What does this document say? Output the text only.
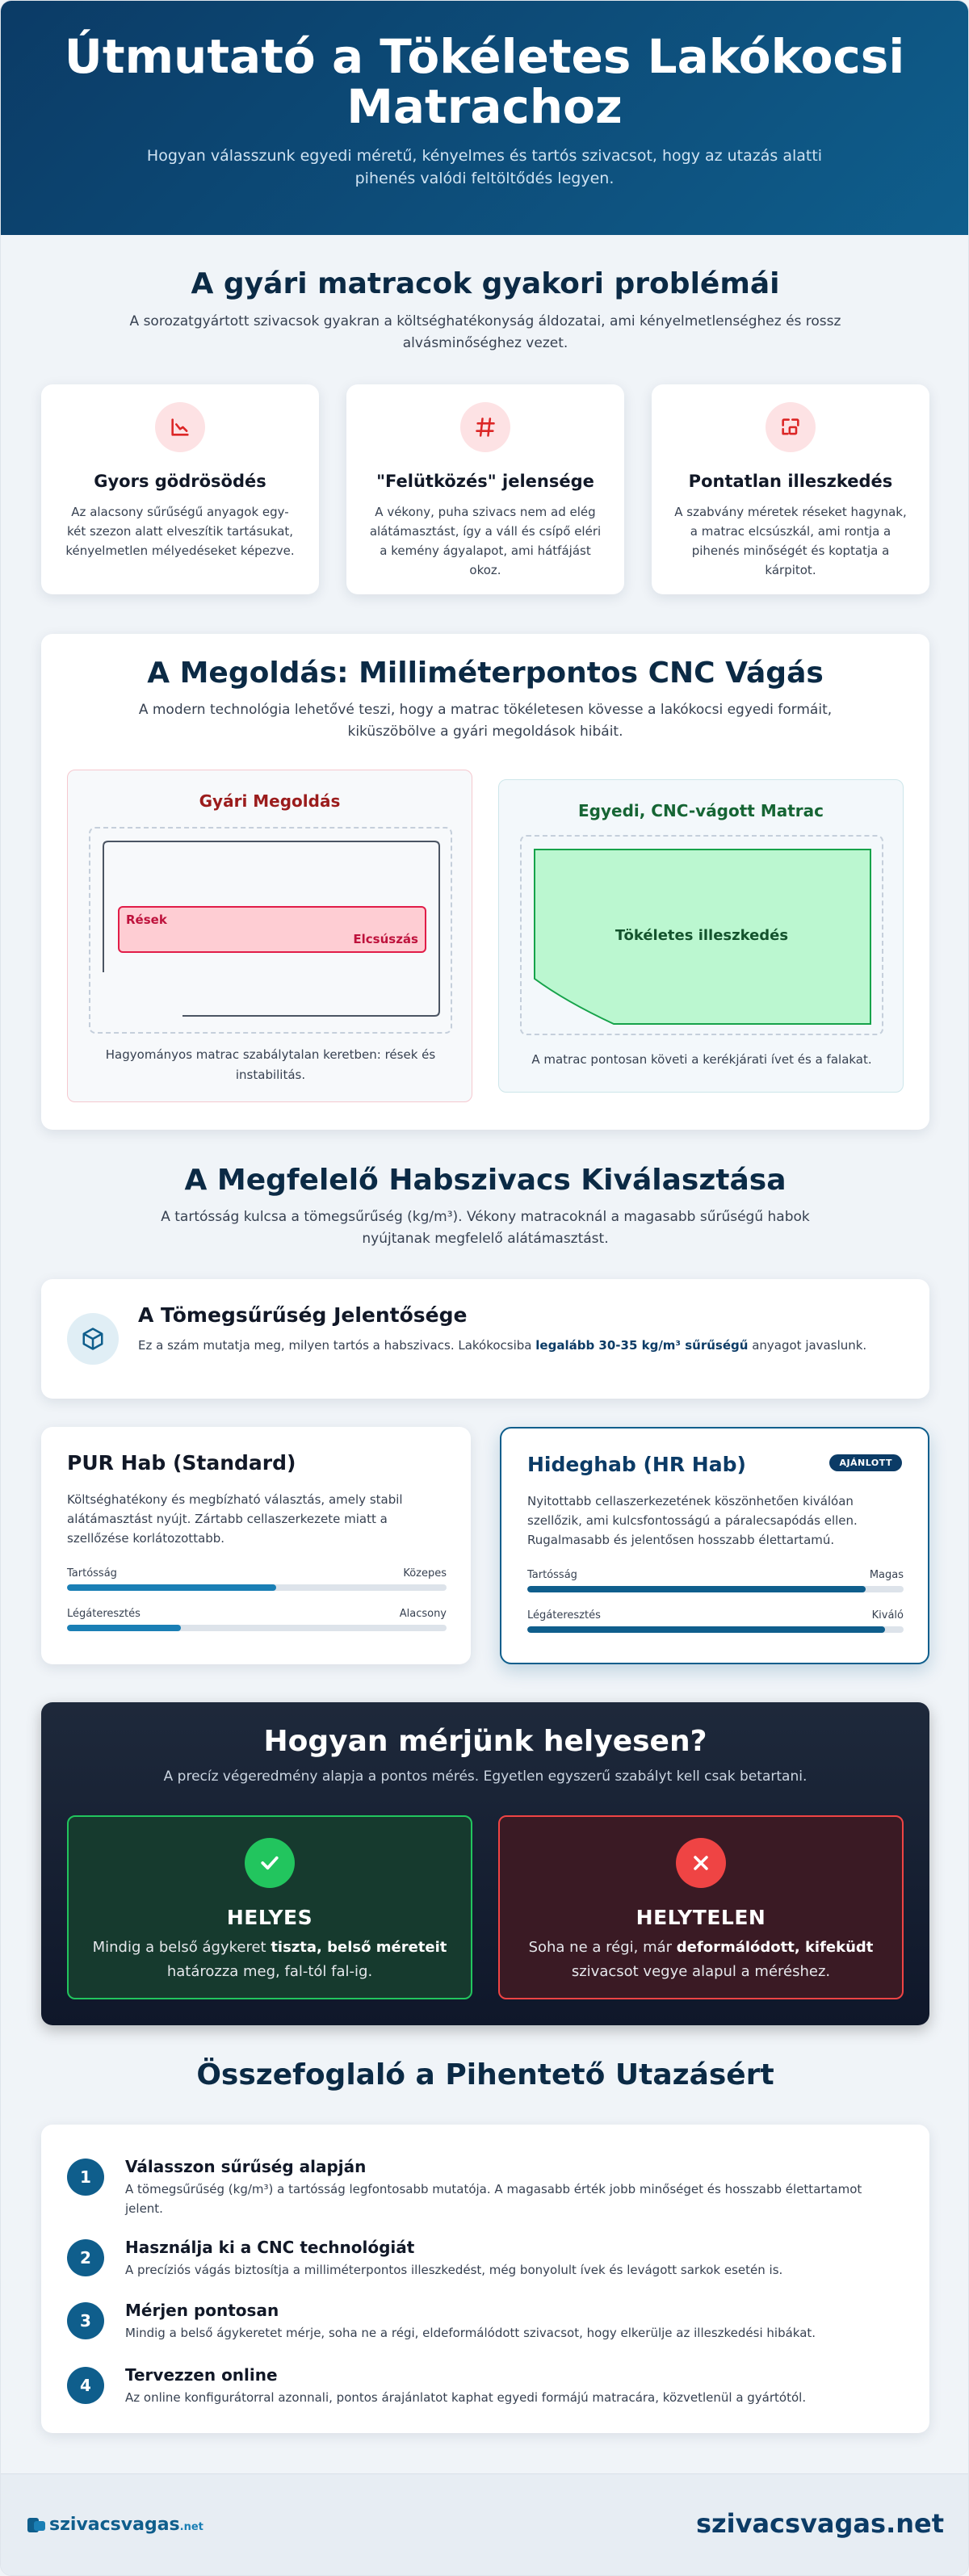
Útmutató a Tökéletes Lakókocsi Matrachoz

Hogyan válasszunk egyedi méretű, kényelmes és tartós szivacsot, hogy az utazás alatti pihenés valódi feltöltődés legyen.

A gyári matracok gyakori problémái

A sorozatgyártott szivacsok gyakran a költséghatékonyság áldozatai, ami kényelmetlenséghez és rossz alvásminőséghez vezet.

Gyors gödrösödés

Az alacsony sűrűségű anyagok egy-két szezon alatt elveszítik tartásukat, kényelmetlen mélyedéseket képezve.

"Felütközés" jelensége

A vékony, puha szivacs nem ad elég alátámasztást, így a váll és csípő eléri a kemény ágyalapot, ami hátfájást okoz.

Pontatlan illeszkedés

A szabvány méretek réseket hagynak, a matrac elcsúszkál, ami rontja a pihenés minőségét és koptatja a kárpitot.

A Megoldás: Milliméterpontos CNC Vágás

A modern technológia lehetővé teszi, hogy a matrac tökéletesen kövesse a lakókocsi egyedi formáit, kiküszöbölve a gyári megoldások hibáit.

Gyári Megoldás
Rések
Elcsúszás

Hagyományos matrac szabálytalan keretben: rések és instabilitás.

Egyedi, CNC-vágott Matrac
Tökéletes illeszkedés

A matrac pontosan követi a kerékjárati ívet és a falakat.

A Megfelelő Habszivacs Kiválasztása

A tartósság kulcsa a tömegsűrűség (kg/m³). Vékony matracoknál a magasabb sűrűségű habok nyújtanak megfelelő alátámasztást.

A Tömegsűrűség Jelentősége

Ez a szám mutatja meg, milyen tartós a habszivacs. Lakókocsiba legalább 30-35 kg/m³ sűrűségű anyagot javaslunk.

PUR Hab (Standard)

Költséghatékony és megbízható választás, amely stabil alátámasztást nyújt. Zártabb cellaszerkezete miatt a szellőzése korlátozottabb.

Tartósság	Közepes
Légáteresztés	Alacsony
Hideghab (HR Hab)	AJÁNLOTT

Nyitottabb cellaszerkezetének köszönhetően kiválóan szellőzik, ami kulcsfontosságú a páralecsapódás ellen. Rugalmasabb és jelentősen hosszabb élettartamú.

Tartósság	Magas
Légáteresztés	Kiváló
Hogyan mérjünk helyesen?

A precíz végeredmény alapja a pontos mérés. Egyetlen egyszerű szabályt kell csak betartani.

HELYES

Mindig a belső ágykeret tiszta, belső méreteit határozza meg, fal-tól fal-ig.

HELYTELEN

Soha ne a régi, már deformálódott, kifeküdt szivacsot vegye alapul a méréshez.

Összefoglaló a Pihentető Utazásért
1
Válasszon sűrűség alapján

A tömegsűrűség (kg/m³) a tartósság legfontosabb mutatója. A magasabb érték jobb minőséget és hosszabb élettartamot jelent.

2
Használja ki a CNC technológiát

A precíziós vágás biztosítja a milliméterpontos illeszkedést, még bonyolult ívek és levágott sarkok esetén is.

3
Mérjen pontosan

Mindig a belső ágykeretet mérje, soha ne a régi, eldeformálódott szivacsot, hogy elkerülje az illeszkedési hibákat.

4
Tervezzen online

Az online konfigurátorral azonnali, pontos árajánlatot kaphat egyedi formájú matracára, közvetlenül a gyártótól.

szivacsvagas .net	szivacsvagas.net
